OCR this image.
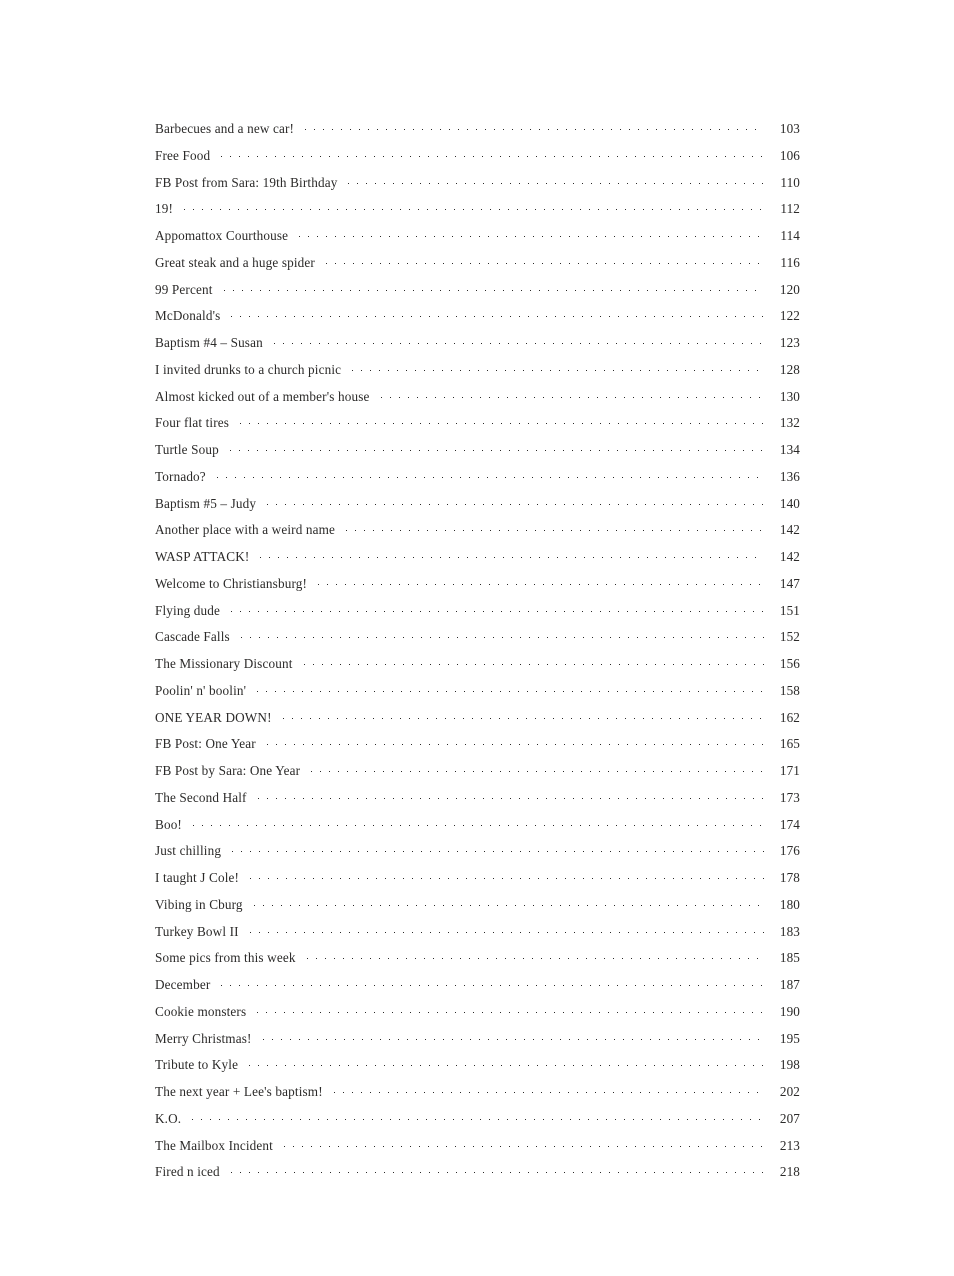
Barbecues and a new car!	103
Free Food	106
FB Post from Sara: 19th Birthday	110
19!	112
Appomattox Courthouse	114
Great steak and a huge spider	116
99 Percent	120
McDonald's	122
Baptism #4 – Susan	123
I invited drunks to a church picnic	128
Almost kicked out of a member's house	130
Four flat tires	132
Turtle Soup	134
Tornado?	136
Baptism #5 – Judy	140
Another place with a weird name	142
WASP ATTACK!	142
Welcome to Christiansburg!	147
Flying dude	151
Cascade Falls	152
The Missionary Discount	156
Poolin' n' boolin'	158
ONE YEAR DOWN!	162
FB Post: One Year	165
FB Post by Sara: One Year	171
The Second Half	173
Boo!	174
Just chilling	176
I taught J Cole!	178
Vibing in Cburg	180
Turkey Bowl II	183
Some pics from this week	185
December	187
Cookie monsters	190
Merry Christmas!	195
Tribute to Kyle	198
The next year + Lee's baptism!	202
K.O.	207
The Mailbox Incident	213
Fired n iced	218
